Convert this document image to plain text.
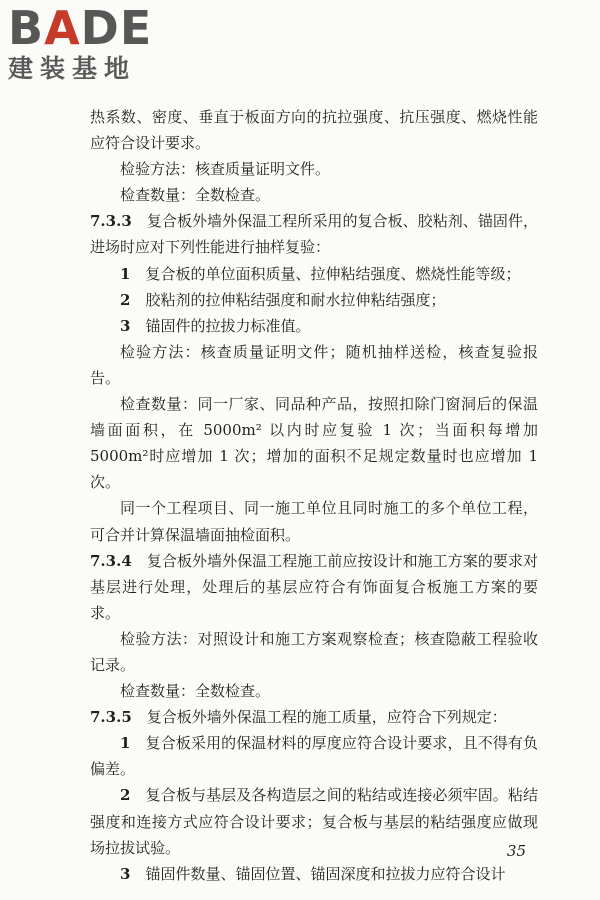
BADE
建装基地
热系数、密度、垂直于板面方向的抗拉强度、抗压强度、燃烧性能应符合设计要求。
检验方法：核查质量证明文件。
检查数量：全数检查。
7.3.3　复合板外墙外保温工程所采用的复合板、胶粘剂、锚固件，进场时应对下列性能进行抽样复验：
1　复合板的单位面积质量、拉伸粘结强度、燃烧性能等级；
2　胶粘剂的拉伸粘结强度和耐水拉伸粘结强度；
3　锚固件的拉拔力标准值。
检验方法：核查质量证明文件；随机抽样送检，核查复验报告。
检查数量：同一厂家、同品种产品，按照扣除门窗洞后的保温墙面面积，在 5000m² 以内时应复验 1 次；当面积每增加 5000m²时应增加 1 次；增加的面积不足规定数量时也应增加 1 次。
同一个工程项目、同一施工单位且同时施工的多个单位工程，可合并计算保温墙面抽检面积。
7.3.4　复合板外墙外保温工程施工前应按设计和施工方案的要求对基层进行处理，处理后的基层应符合有饰面复合板施工方案的要求。
检验方法：对照设计和施工方案观察检查；核查隐蔽工程验收记录。
检查数量：全数检查。
7.3.5　复合板外墙外保温工程的施工质量，应符合下列规定：
1　复合板采用的保温材料的厚度应符合设计要求，且不得有负偏差。
2　复合板与基层及各构造层之间的粘结或连接必须牢固。粘结强度和连接方式应符合设计要求；复合板与基层的粘结强度应做现场拉拔试验。
3　锚固件数量、锚固位置、锚固深度和拉拔力应符合设计
35
